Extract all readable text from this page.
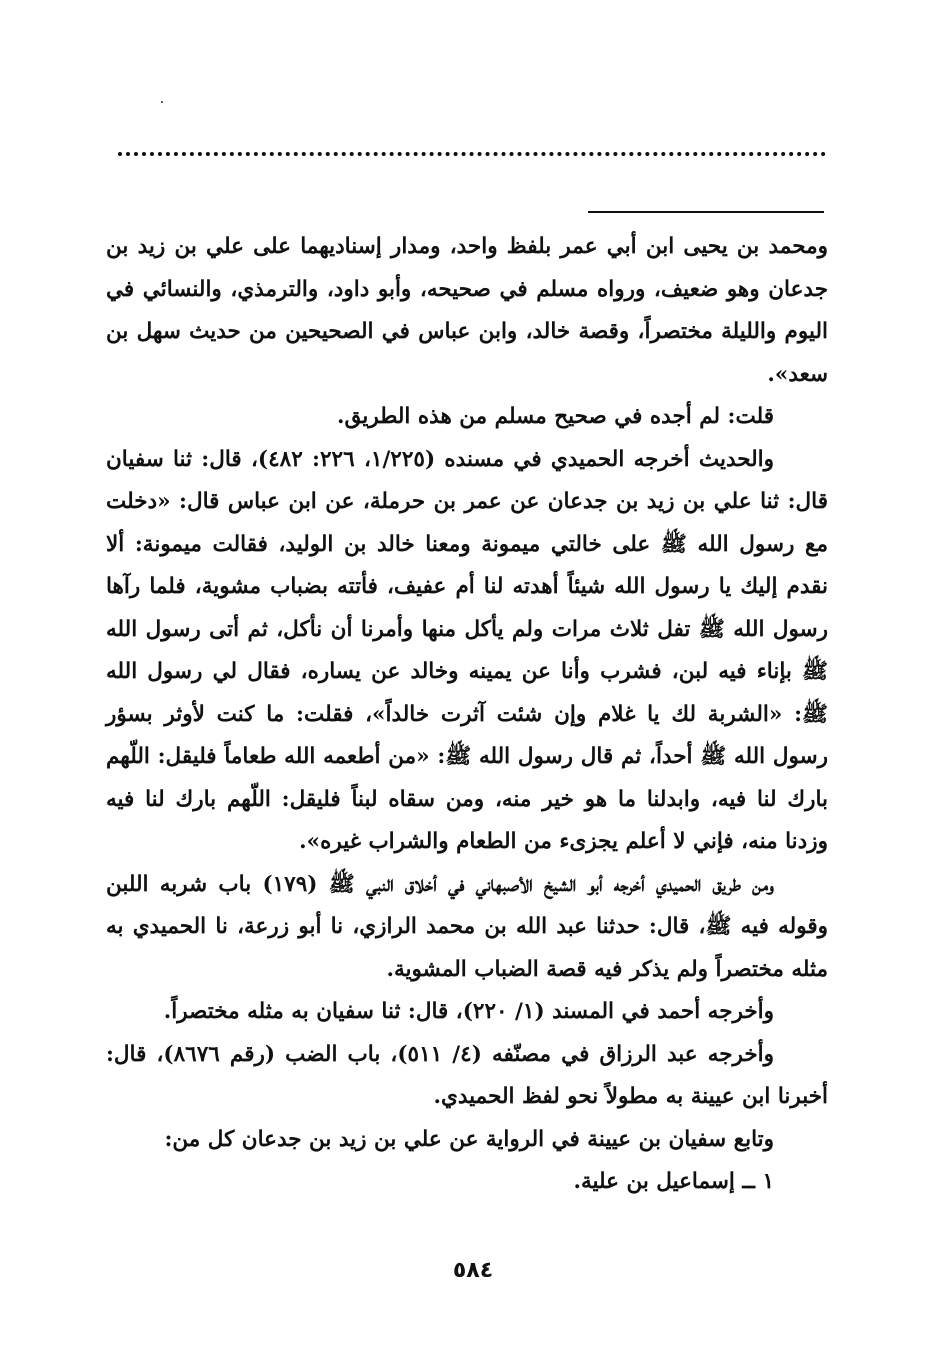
ومحمد بن يحيى ابن أبي عمر بلفظ واحد، ومدار إسناديهما على علي بن زيد بن جدعان وهو ضعيف، ورواه مسلم في صحيحه، وأبو داود، والترمذي، والنسائي في اليوم والليلة مختصراً، وقصة خالد، وابن عباس في الصحيحين من حديث سهل بن سعد».

قلت: لم أجده في صحيح مسلم من هذه الطريق.

والحديث أخرجه الحميدي في مسنده (١/٢٢٥، ٢٢٦: ٤٨٢)، قال: ثنا سفيان قال: ثنا علي بن زيد بن جدعان عن عمر بن حرملة، عن ابن عباس قال: «دخلت مع رسول الله ﷺ على خالتي ميمونة ومعنا خالد بن الوليد، فقالت ميمونة: ألا نقدم إليك يا رسول الله شيئاً أهدته لنا أم عفيف، فأتته بضباب مشوية، فلما رآها رسول الله ﷺ تفل ثلاث مرات ولم يأكل منها وأمرنا أن نأكل، ثم أتى رسول الله ﷺ بإناء فيه لبن، فشرب وأنا عن يمينه وخالد عن يساره، فقال لي رسول الله ﷺ: «الشربة لك يا غلام وإن شئت آثرت خالداً»، فقلت: ما كنت لأوثر بسؤر رسول الله ﷺ أحداً، ثم قال رسول الله ﷺ: «من أطعمه الله طعاماً فليقل: اللّهم بارك لنا فيه، وابدلنا ما هو خير منه، ومن سقاه لبناً فليقل: اللّهم بارك لنا فيه وزدنا منه، فإني لا أعلم يجزىء من الطعام والشراب غيره».

ومن طريق الحميدي أخرجه أبو الشيخ الأصبهاني في أخلاق النبي ﷺ (١٧٩) باب شربه اللبن وقوله فيه ﷺ، قال: حدثنا عبد الله بن محمد الرازي، نا أبو زرعة، نا الحميدي به مثله مختصراً ولم يذكر فيه قصة الضباب المشوية.

وأخرجه أحمد في المسند (١/ ٢٢٠)، قال: ثنا سفيان به مثله مختصراً.

وأخرجه عبد الرزاق في مصنّفه (٤/ ٥١١)، باب الضب (رقم ٨٦٧٦)، قال: أخبرنا ابن عيينة به مطولاً نحو لفظ الحميدي.

وتابع سفيان بن عيينة في الرواية عن علي بن زيد بن جدعان كل من:

١ ــ إسماعيل بن علية.

٥٨٤
